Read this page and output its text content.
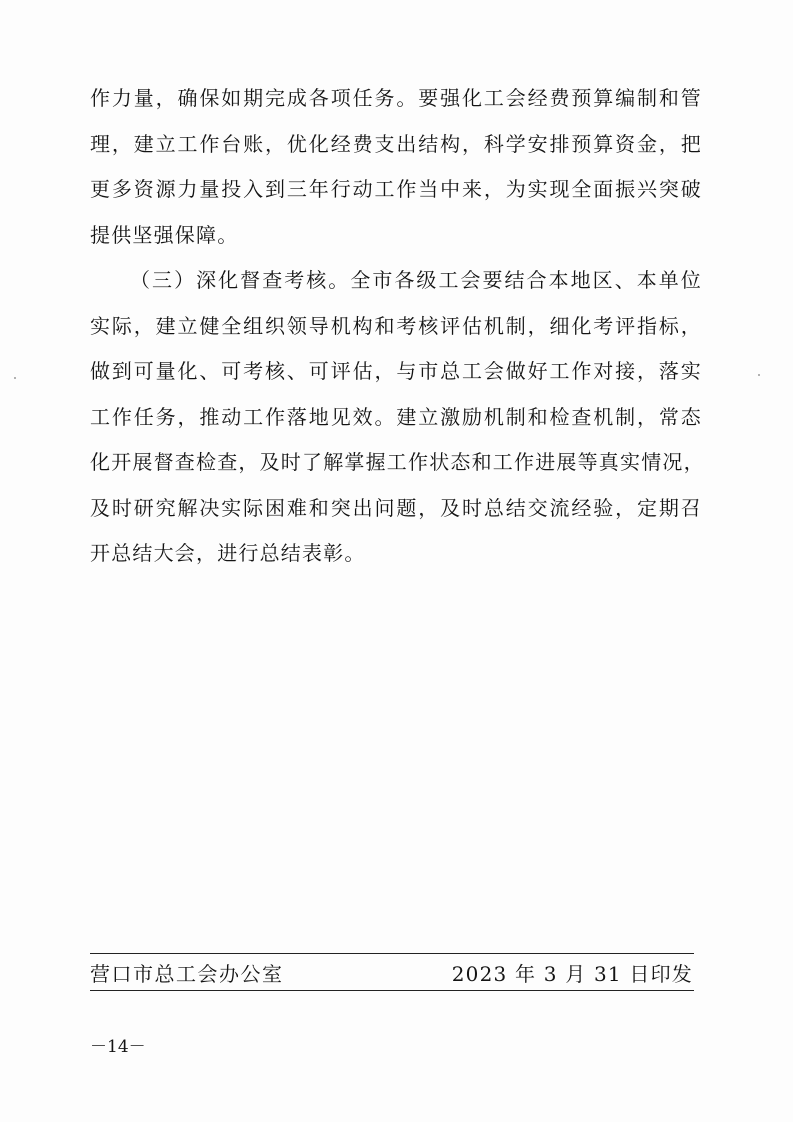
作力量，确保如期完成各项任务。要强化工会经费预算编制和管
理，建立工作台账，优化经费支出结构，科学安排预算资金，把
更多资源力量投入到三年行动工作当中来，为实现全面振兴突破
提供坚强保障。
（三）深化督查考核。全市各级工会要结合本地区、本单位
实际，建立健全组织领导机构和考核评估机制，细化考评指标，
做到可量化、可考核、可评估，与市总工会做好工作对接，落实
工作任务，推动工作落地见效。建立激励机制和检查机制，常态
化开展督查检查，及时了解掌握工作状态和工作进展等真实情况，
及时研究解决实际困难和突出问题，及时总结交流经验，定期召
开总结大会，进行总结表彰。
营口市总工会办公室	2023 年 3 月 31 日印发
－14－
